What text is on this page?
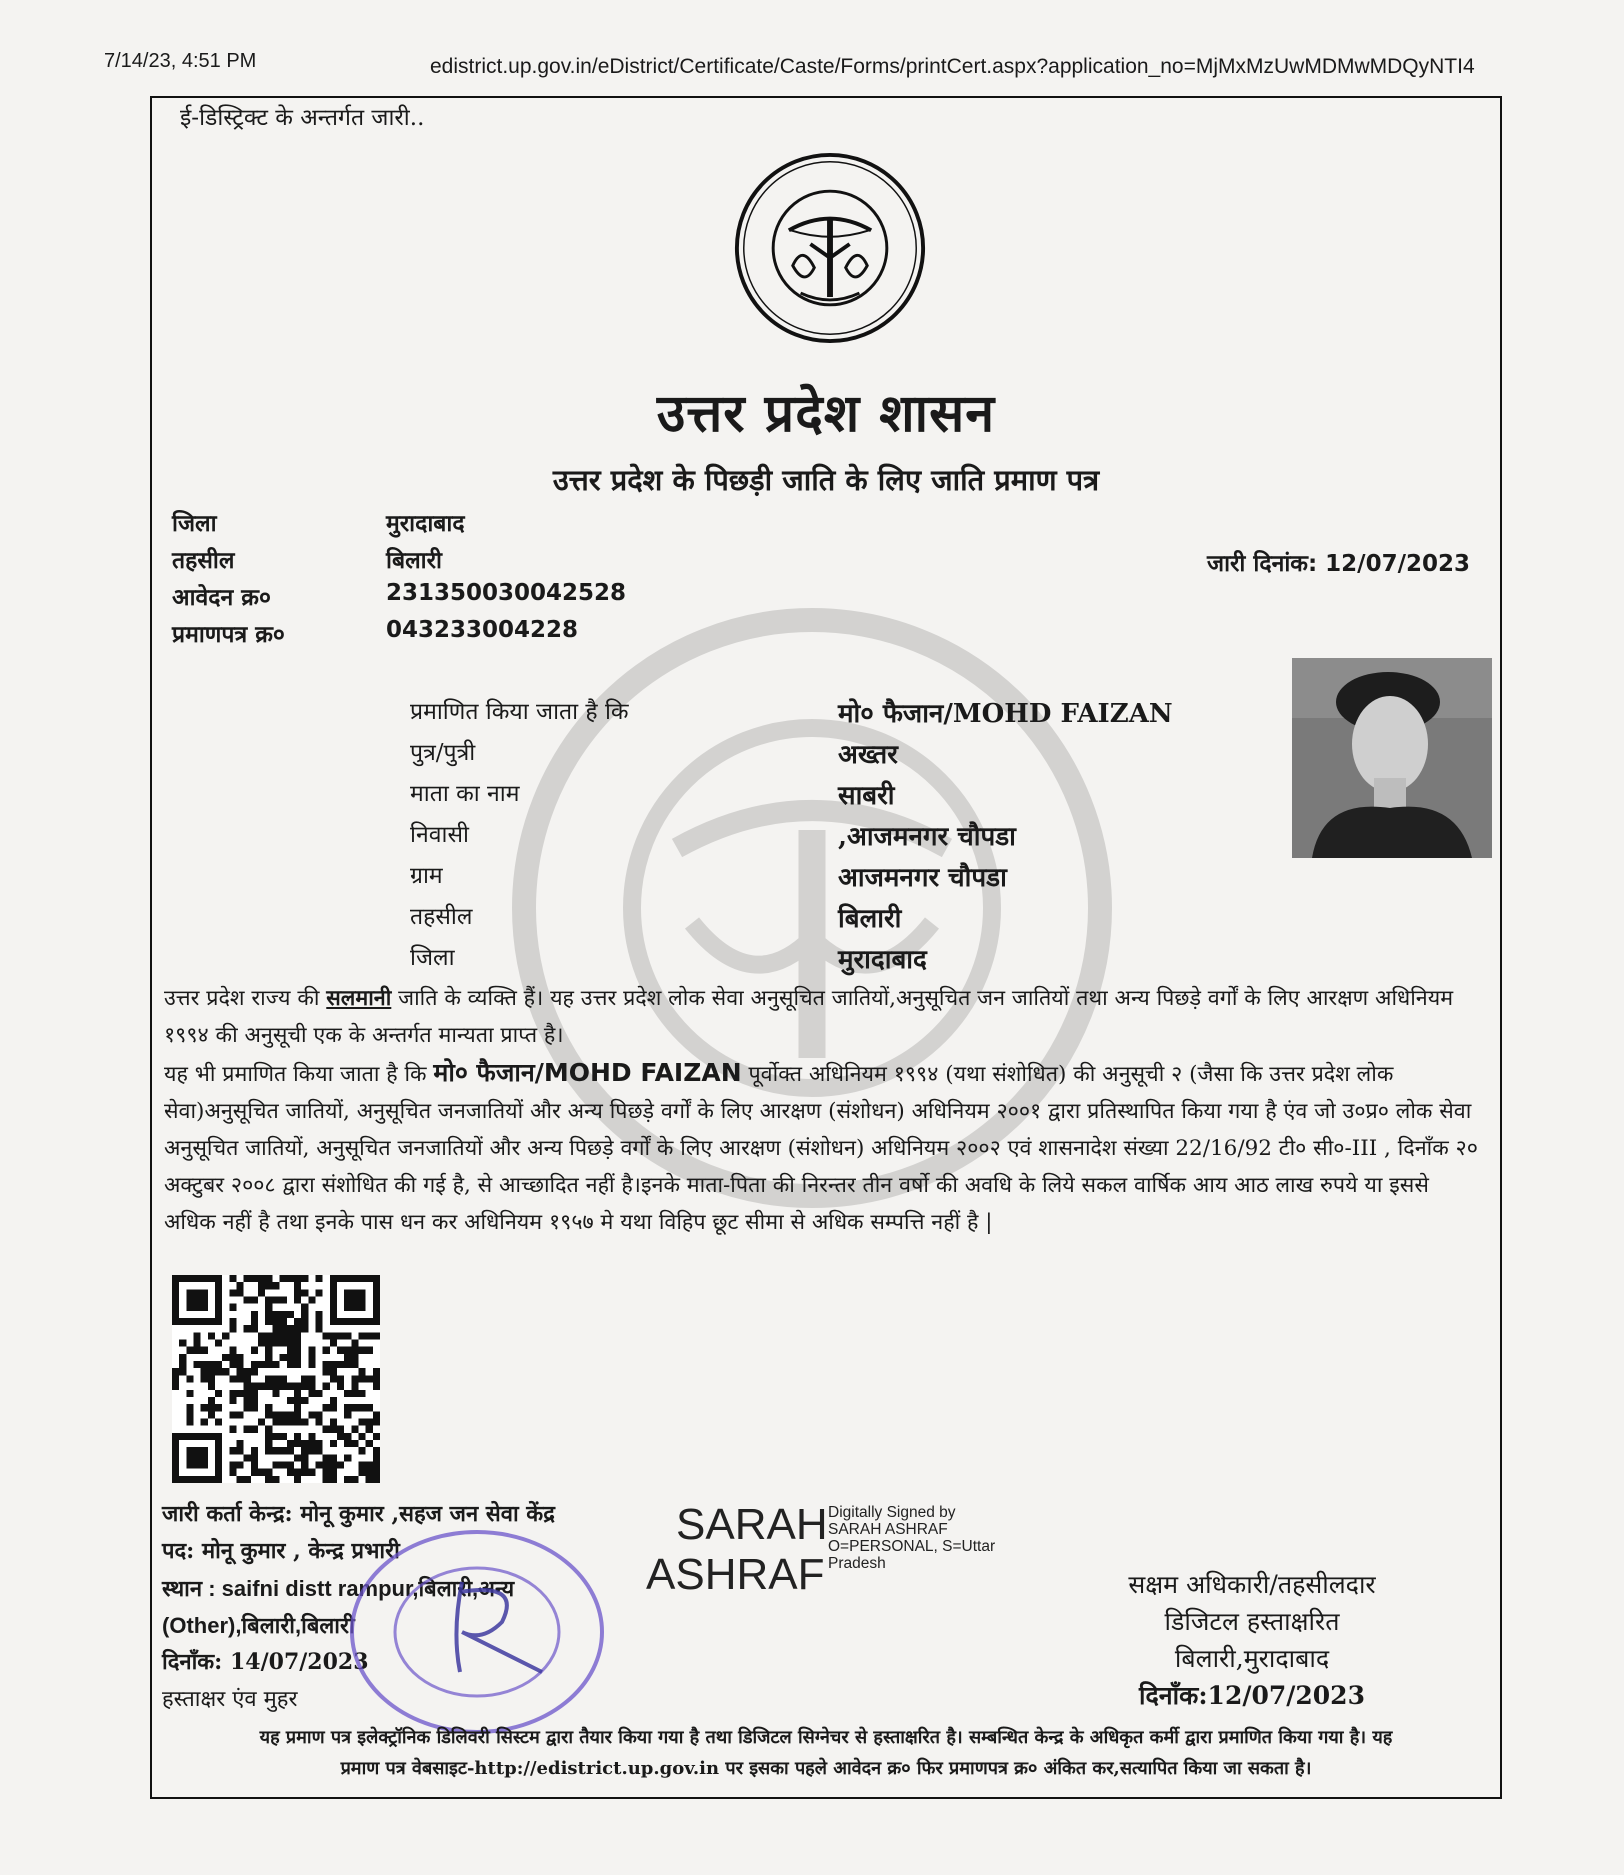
7/14/23, 4:51 PM	edistrict.up.gov.in/eDistrict/Certificate/Caste/Forms/printCert.aspx?application_no=MjMxMzUwMDMwMDQyNTI4
ई-डिस्ट्रिक्ट के अन्तर्गत जारी..
उत्तर प्रदेश शासन
उत्तर प्रदेश के पिछड़ी जाति के लिए जाति प्रमाण पत्र
जिला	मुरादाबाद
तहसील	बिलारी
आवेदन क्र०	231350030042528
प्रमाणपत्र क्र०	043233004228
जारी दिनांक: 12/07/2023
प्रमाणित किया जाता है कि	मो० फैजान/MOHD FAIZAN
पुत्र/पुत्री	अख्तर
माता का नाम	साबरी
निवासी	,आजमनगर चौपडा
ग्राम	आजमनगर चौपडा
तहसील	बिलारी
जिला	मुरादाबाद

उत्तर प्रदेश राज्य की सलमानी जाति के व्यक्ति हैं। यह उत्तर प्रदेश लोक सेवा अनुसूचित जातियों,अनुसूचित जन जातियों तथा अन्य पिछड़े वर्गों के लिए आरक्षण अधिनियम १९९४ की अनुसूची एक के अन्तर्गत मान्यता प्राप्त है।

यह भी प्रमाणित किया जाता है कि मो० फैजान/MOHD FAIZAN पूर्वोक्त अधिनियम १९९४ (यथा संशोधित) की अनुसूची २ (जैसा कि उत्तर प्रदेश लोक सेवा)अनुसूचित जातियों, अनुसूचित जनजातियों और अन्य पिछड़े वर्गों के लिए आरक्षण (संशोधन) अधिनियम २००१ द्वारा प्रतिस्थापित किया गया है एंव जो उ०प्र० लोक सेवा अनुसूचित जातियों, अनुसूचित जनजातियों और अन्य पिछड़े वर्गों के लिए आरक्षण (संशोधन) अधिनियम २००२ एवं शासनादेश संख्या 22/16/92 टी० सी०-III , दिनाँक २० अक्टुबर २००८ द्वारा संशोधित की गई है, से आच्छादित नहीं है।इनके माता-पिता की निरन्तर तीन वर्षो की अवधि के लिये सकल वार्षिक आय आठ लाख रुपये या इससे अधिक नहीं है तथा इनके पास धन कर अधिनियम १९५७ मे यथा विहिप छूट सीमा से अधिक सम्पत्ति नहीं है |

जारी कर्ता केन्द्र: मोनू कुमार ,सहज जन सेवा केंद्र
पद: मोनू कुमार , केन्द्र प्रभारी
स्थान : saifni distt rampur,बिलारी,अन्य
(Other),बिलारी,बिलारी
दिनाँक: 14/07/2023
हस्ताक्षर एंव मुहर
SARAH
ASHRAF
Digitally Signed by
SARAH ASHRAF
O=PERSONAL, S=Uttar
Pradesh
सक्षम अधिकारी/तहसीलदार
डिजिटल हस्ताक्षरित
बिलारी,मुरादाबाद
दिनाँक:12/07/2023
यह प्रमाण पत्र इलेक्ट्रॉनिक डिलिवरी सिस्टम द्वारा तैयार किया गया है तथा डिजिटल सिग्नेचर से हस्ताक्षरित है। सम्बन्धित केन्द्र के अधिकृत कर्मी द्वारा प्रमाणित किया गया है। यह
प्रमाण पत्र वेबसाइट-http://edistrict.up.gov.in पर इसका पहले आवेदन क्र० फिर प्रमाणपत्र क्र० अंकित कर,सत्यापित किया जा सकता है।
